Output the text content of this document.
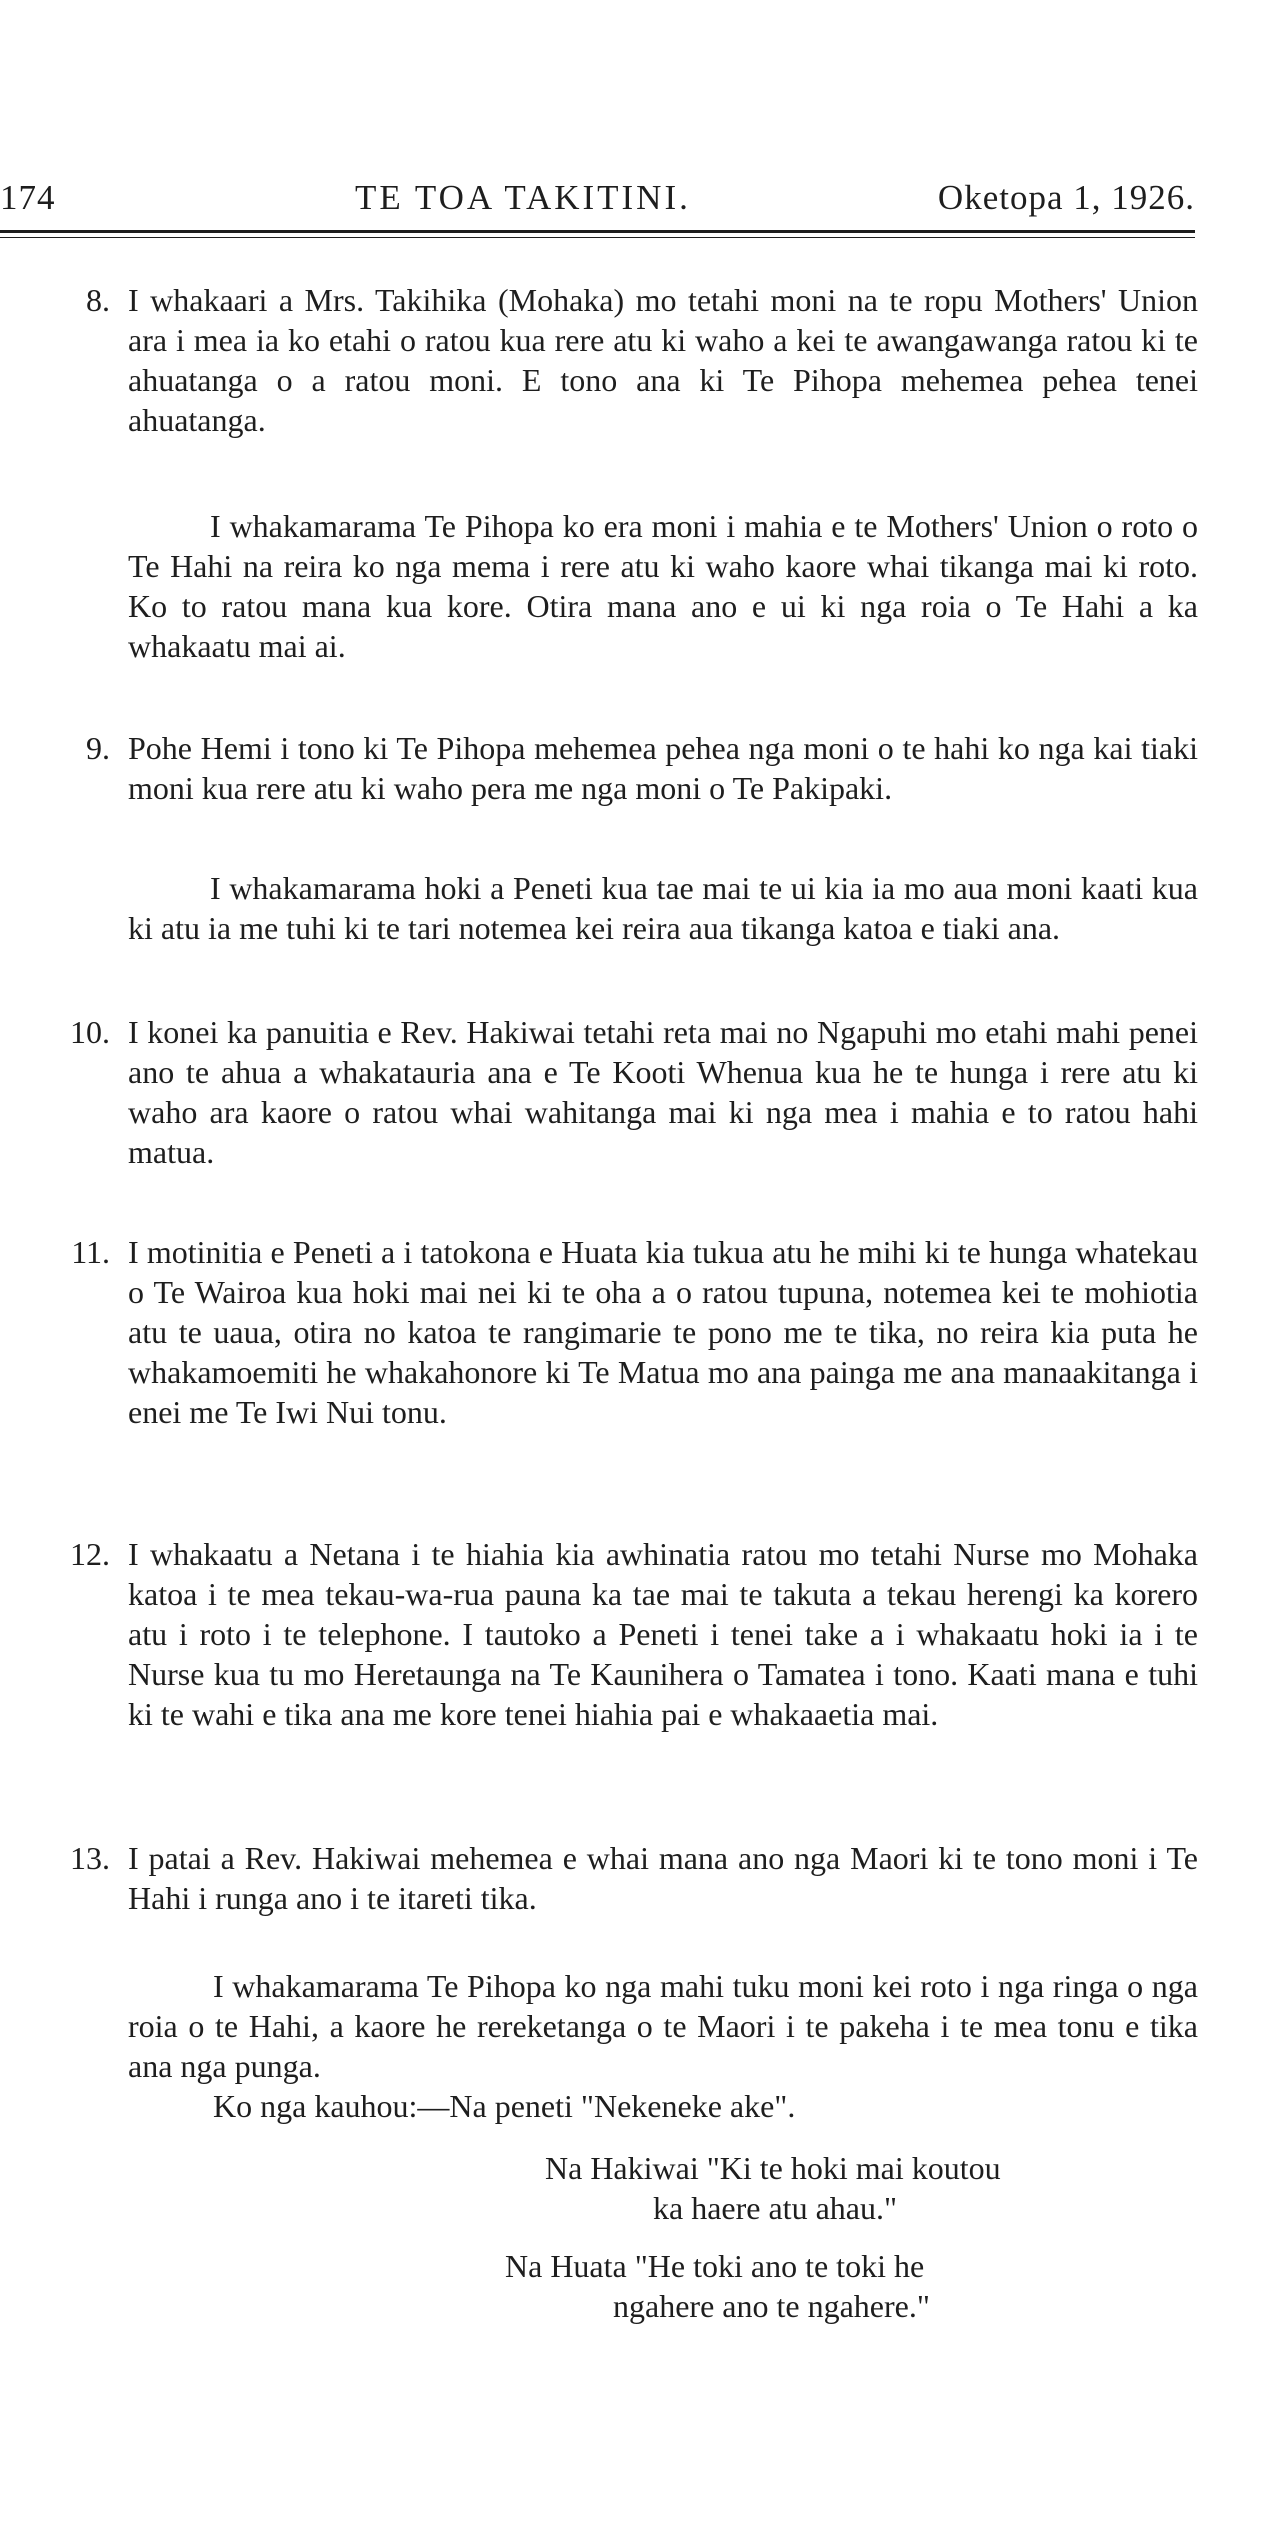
174	TE TOA TAKITINI.	Oketopa 1, 1926.
8. I whakaari a Mrs. Takihika (Mohaka) mo tetahi moni na te ropu Mothers' Union ara i mea ia ko etahi o ratou kua rere atu ki waho a kei te awangawanga ratou ki te ahuatanga o a ratou moni. E tono ana ki Te Pihopa mehemea pehea tenei ahuatanga.

I whakamarama Te Pihopa ko era moni i mahia e te Mothers' Union o roto o Te Hahi na reira ko nga mema i rere atu ki waho kaore whai tikanga mai ki roto. Ko to ratou mana kua kore. Otira mana ano e ui ki nga roia o Te Hahi a ka whakaatu mai ai.

9. Pohe Hemi i tono ki Te Pihopa mehemea pehea nga moni o te hahi ko nga kai tiaki moni kua rere atu ki waho pera me nga moni o Te Pakipaki.

I whakamarama hoki a Peneti kua tae mai te ui kia ia mo aua moni kaati kua ki atu ia me tuhi ki te tari notemea kei reira aua tikanga katoa e tiaki ana.

10. I konei ka panuitia e Rev. Hakiwai tetahi reta mai no Ngapuhi mo etahi mahi penei ano te ahua a whakatauria ana e Te Kooti Whenua kua he te hunga i rere atu ki waho ara kaore o ratou whai wahitanga mai ki nga mea i mahia e to ratou hahi matua.

11. I motinitia e Peneti a i tatokona e Huata kia tukua atu he mihi ki te hunga whatekau o Te Wairoa kua hoki mai nei ki te oha a o ratou tupuna, notemea kei te mohiotia atu te uaua, otira no katoa te rangimarie te pono me te tika, no reira kia puta he whakamoemiti he whakahonore ki Te Matua mo ana painga me ana manaakitanga i enei me Te Iwi Nui tonu.

12. I whakaatu a Netana i te hiahia kia awhinatia ratou mo tetahi Nurse mo Mohaka katoa i te mea tekau-wa-rua pauna ka tae mai te takuta a tekau herengi ka korero atu i roto i te telephone. I tautoko a Peneti i tenei take a i whakaatu hoki ia i te Nurse kua tu mo Heretaunga na Te Kaunihera o Tamatea i tono. Kaati mana e tuhi ki te wahi e tika ana me kore tenei hiahia pai e whakaaetia mai.

13. I patai a Rev. Hakiwai mehemea e whai mana ano nga Maori ki te tono moni i Te Hahi i runga ano i te itareti tika.

I whakamarama Te Pihopa ko nga mahi tuku moni kei roto i nga ringa o nga roia o te Hahi, a kaore he rereketanga o te Maori i te pakeha i te mea tonu e tika ana nga punga.

Ko nga kauhou:—Na peneti "Nekeneke ake".

Na Hakiwai "Ki te hoki mai koutou

ka haere atu ahau."

Na Huata "He toki ano te toki he

ngahere ano te ngahere."
